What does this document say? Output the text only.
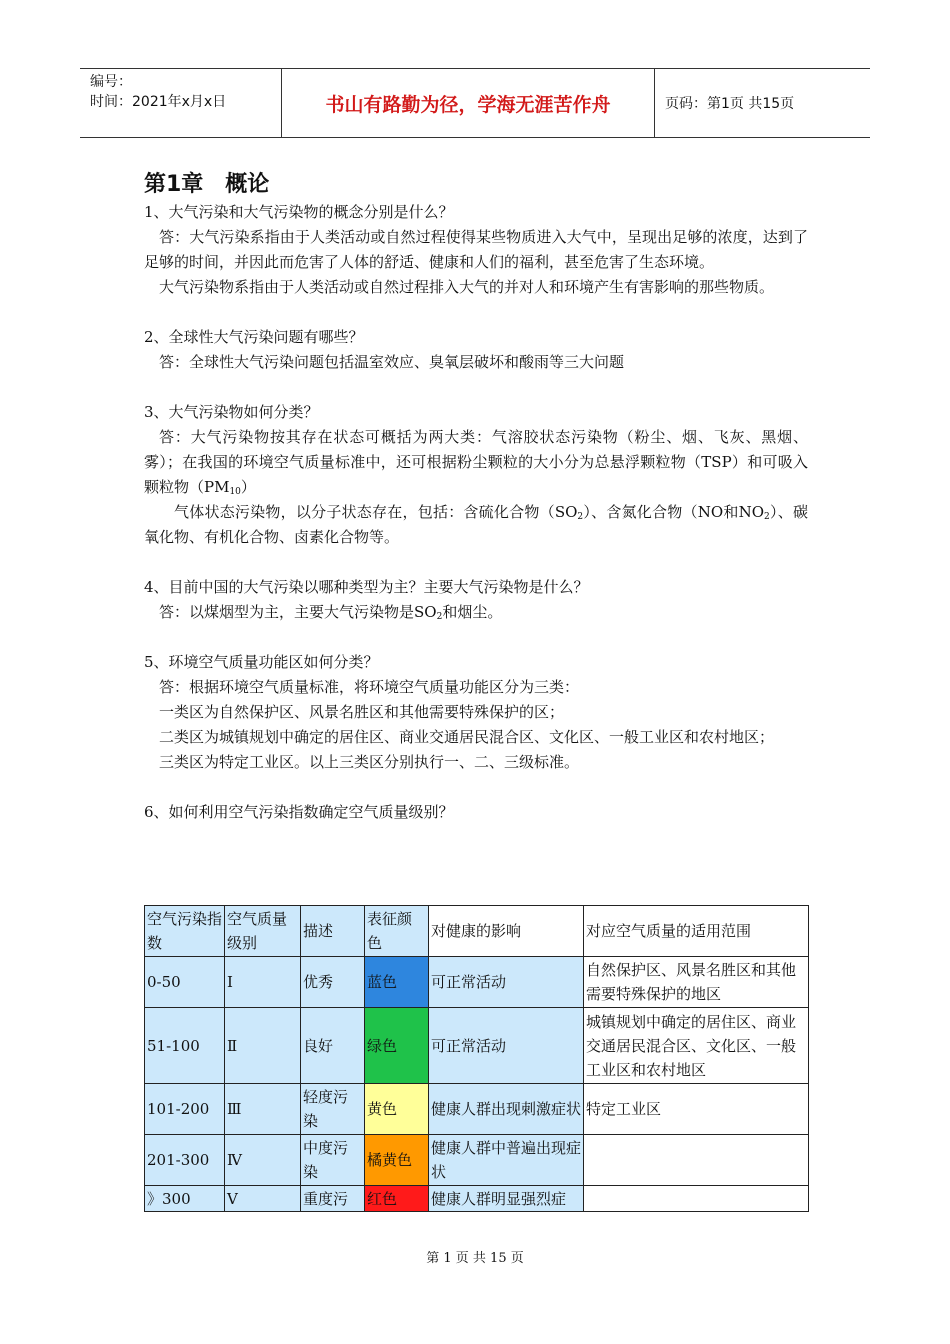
编号：
时间：2021年x月x日	书山有路勤为径，学海无涯苦作舟	页码：第1页 共15页

第1章　概论

1、大气污染和大气污染物的概念分别是什么？

答：大气污染系指由于人类活动或自然过程使得某些物质进入大气中，呈现出足够的浓度，达到了足够的时间，并因此而危害了人体的舒适、健康和人们的福利，甚至危害了生态环境。

大气污染物系指由于人类活动或自然过程排入大气的并对人和环境产生有害影响的那些物质。

2、全球性大气污染问题有哪些？

答：全球性大气污染问题包括温室效应、臭氧层破坏和酸雨等三大问题

3、大气污染物如何分类？

答：大气污染物按其存在状态可概括为两大类：气溶胶状态污染物（粉尘、烟、飞灰、黑烟、雾）；在我国的环境空气质量标准中，还可根据粉尘颗粒的大小分为总悬浮颗粒物（TSP）和可吸入颗粒物$(PM_{10})$

气体状态污染物，以分子状态存在，包括：含硫化合物$(SO_2)$、含氮化合物（NO和$NO_2$）、碳氧化物、有机化合物、卤素化合物等。

4、目前中国的大气污染以哪种类型为主？主要大气污染物是什么？

答：以煤烟型为主，主要大气污染物是$SO_2$和烟尘。

5、环境空气质量功能区如何分类？

答：根据环境空气质量标准，将环境空气质量功能区分为三类：

一类区为自然保护区、风景名胜区和其他需要特殊保护的区；

二类区为城镇规划中确定的居住区、商业交通居民混合区、文化区、一般工业区和农村地区；

三类区为特定工业区。以上三类区分别执行一、二、三级标准。

6、如何利用空气污染指数确定空气质量级别？

空气污染指数	空气质量级别	描述	表征颜色	对健康的影响	对应空气质量的适用范围
0-50	Ⅰ	优秀	蓝色	可正常活动	自然保护区、风景名胜区和其他需要特殊保护的地区
51-100	Ⅱ	良好	绿色	可正常活动	城镇规划中确定的居住区、商业交通居民混合区、文化区、一般工业区和农村地区
101-200	Ⅲ	轻度污染	黄色	健康人群出现刺激症状	特定工业区
201-300	Ⅳ	中度污染	橘黄色	健康人群中普遍出现症状	
》300	Ⅴ	重度污	红色	健康人群明显强烈症	
第 1 页 共 15 页
